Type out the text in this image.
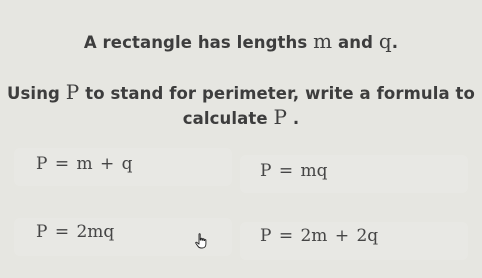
A rectangle has lengths m and q.
Using P to stand for perimeter, write a formula to
calculate P .
P = m + q	P = mq
P = 2mq	P = 2m + 2q
